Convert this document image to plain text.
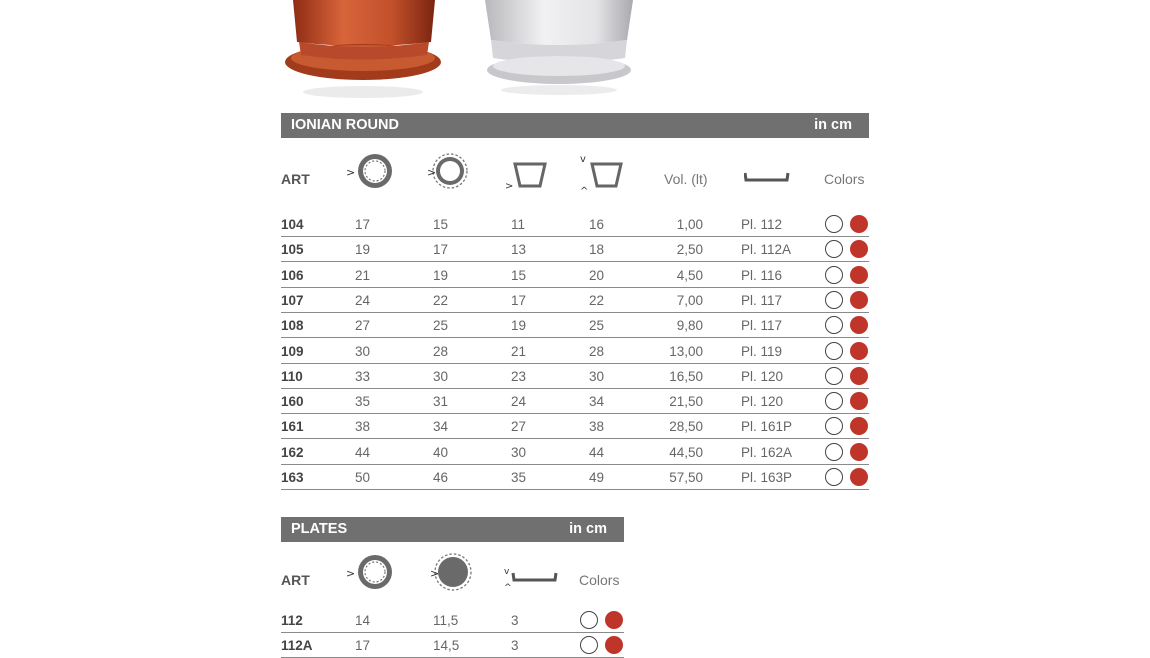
IONIAN ROUND	in cm
ART	>	>
>
v
^
Vol. (lt)	Colors
104	17	15	11	16	1,00	Pl. 112
105	19	17	13	18	2,50	Pl. 112A
106	21	19	15	20	4,50	Pl. 116
107	24	22	17	22	7,00	Pl. 117
108	27	25	19	25	9,80	Pl. 117
109	30	28	21	28	13,00	Pl. 119
110	33	30	23	30	16,50	Pl. 120
160	35	31	24	34	21,50	Pl. 120
161	38	34	27	38	28,50	Pl. 161P
162	44	40	30	44	44,50	Pl. 162A
163	50	46	35	49	57,50	Pl. 163P
PLATES	in cm
ART	>	>	v
^	Colors
112	14	11,5	3
112A	17	14,5	3
